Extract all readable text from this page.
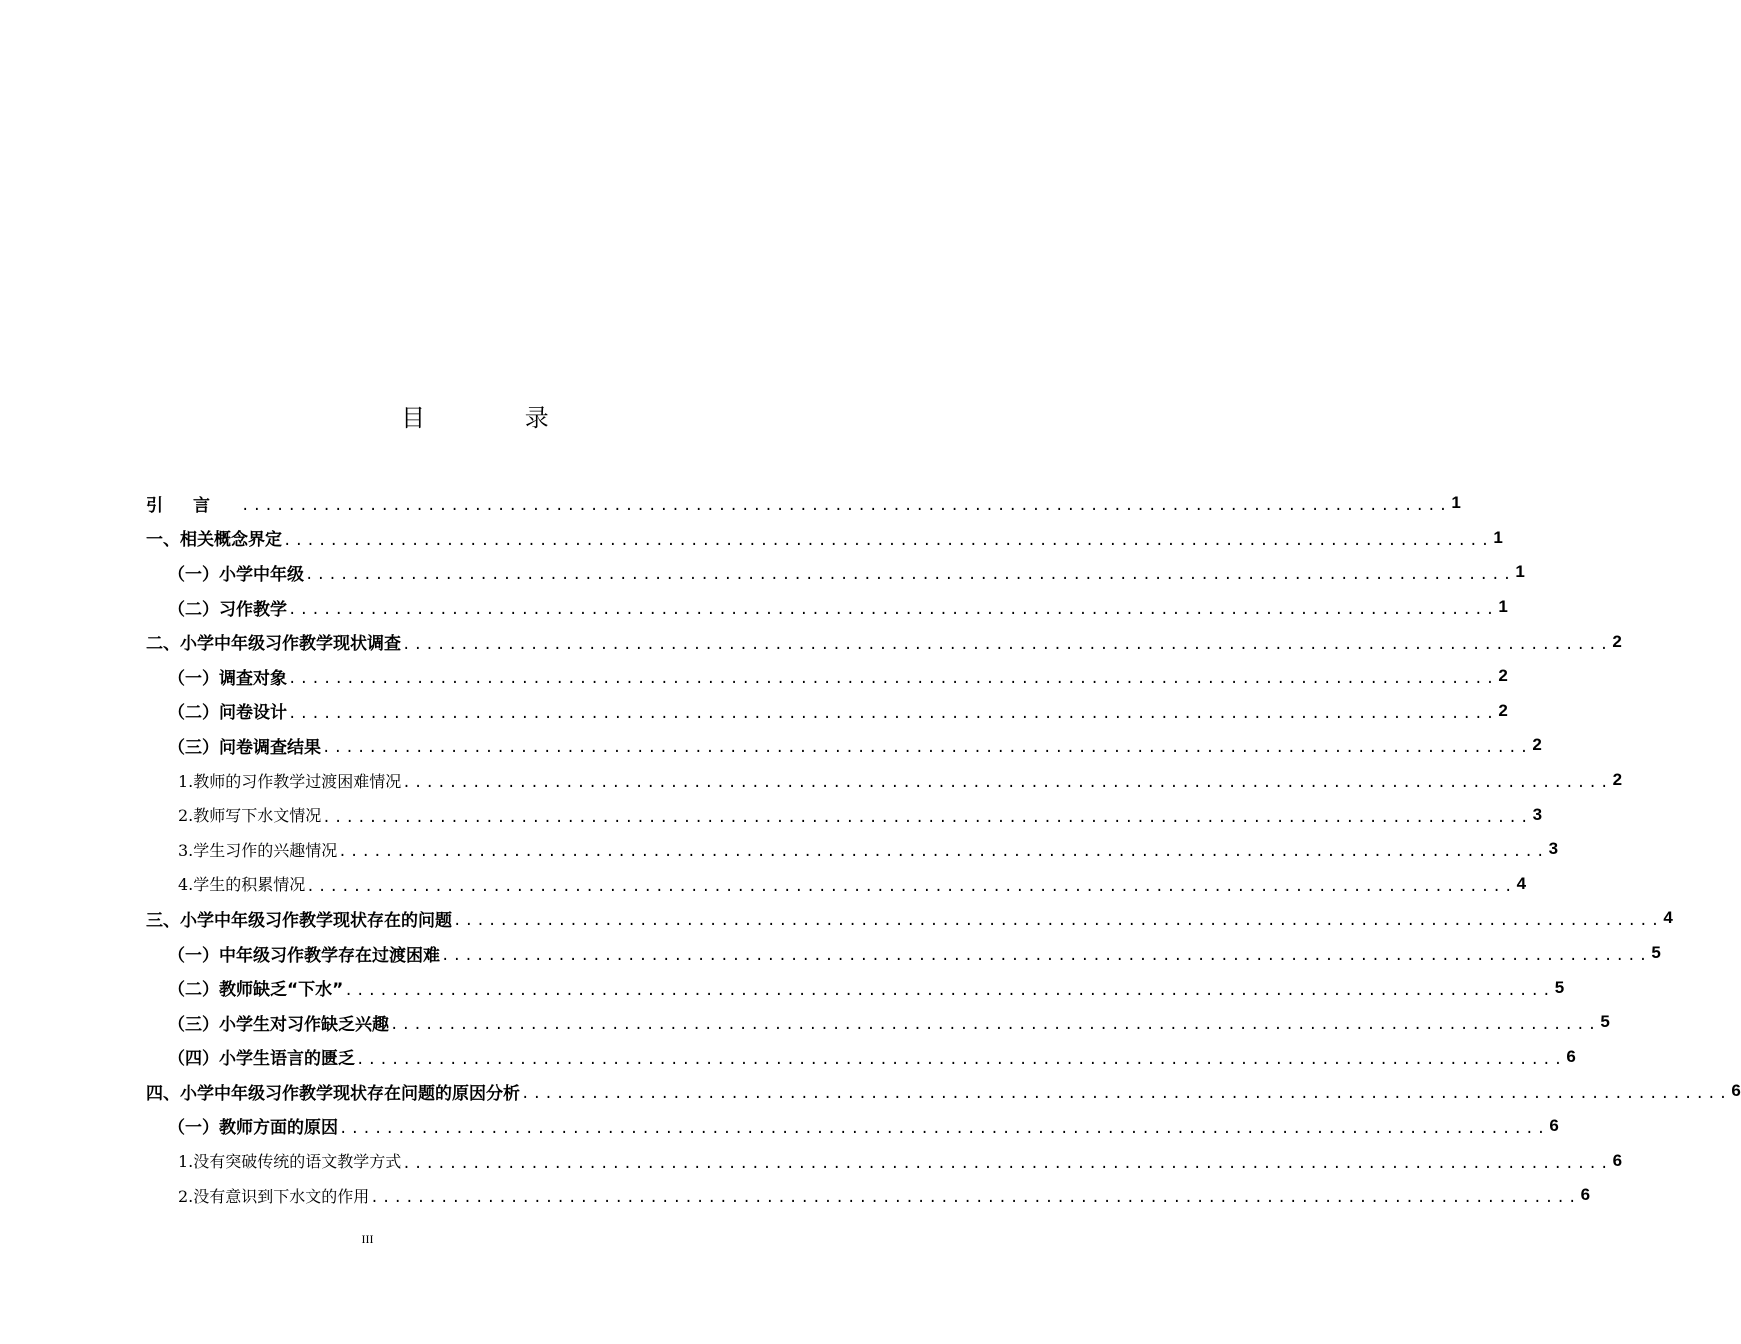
目 录
引言 ........................................................................................................ 1
一、相关概念界定 ........................................................................................................ 1
（一）小学中年级 ........................................................................................................ 1
（二）习作教学 ........................................................................................................ 1
二、小学中年级习作教学现状调查 ........................................................................................................ 2
（一）调查对象 ........................................................................................................ 2
（二）问卷设计 ........................................................................................................ 2
（三）问卷调查结果 ........................................................................................................ 2
1.教师的习作教学过渡困难情况 ........................................................................................................ 2
2.教师写下水文情况 ........................................................................................................ 3
3.学生习作的兴趣情况 ........................................................................................................ 3
4.学生的积累情况 ........................................................................................................ 4
三、小学中年级习作教学现状存在的问题 ........................................................................................................ 4
（一）中年级习作教学存在过渡困难 ........................................................................................................ 5
（二）教师缺乏“下水” ........................................................................................................ 5
（三）小学生对习作缺乏兴趣 ........................................................................................................ 5
（四）小学生语言的匮乏 ........................................................................................................ 6
四、小学中年级习作教学现状存在问题的原因分析 ........................................................................................................ 6
（一）教师方面的原因 ........................................................................................................ 6
1.没有突破传统的语文教学方式 ........................................................................................................ 6
2.没有意识到下水文的作用 ........................................................................................................ 6
III
